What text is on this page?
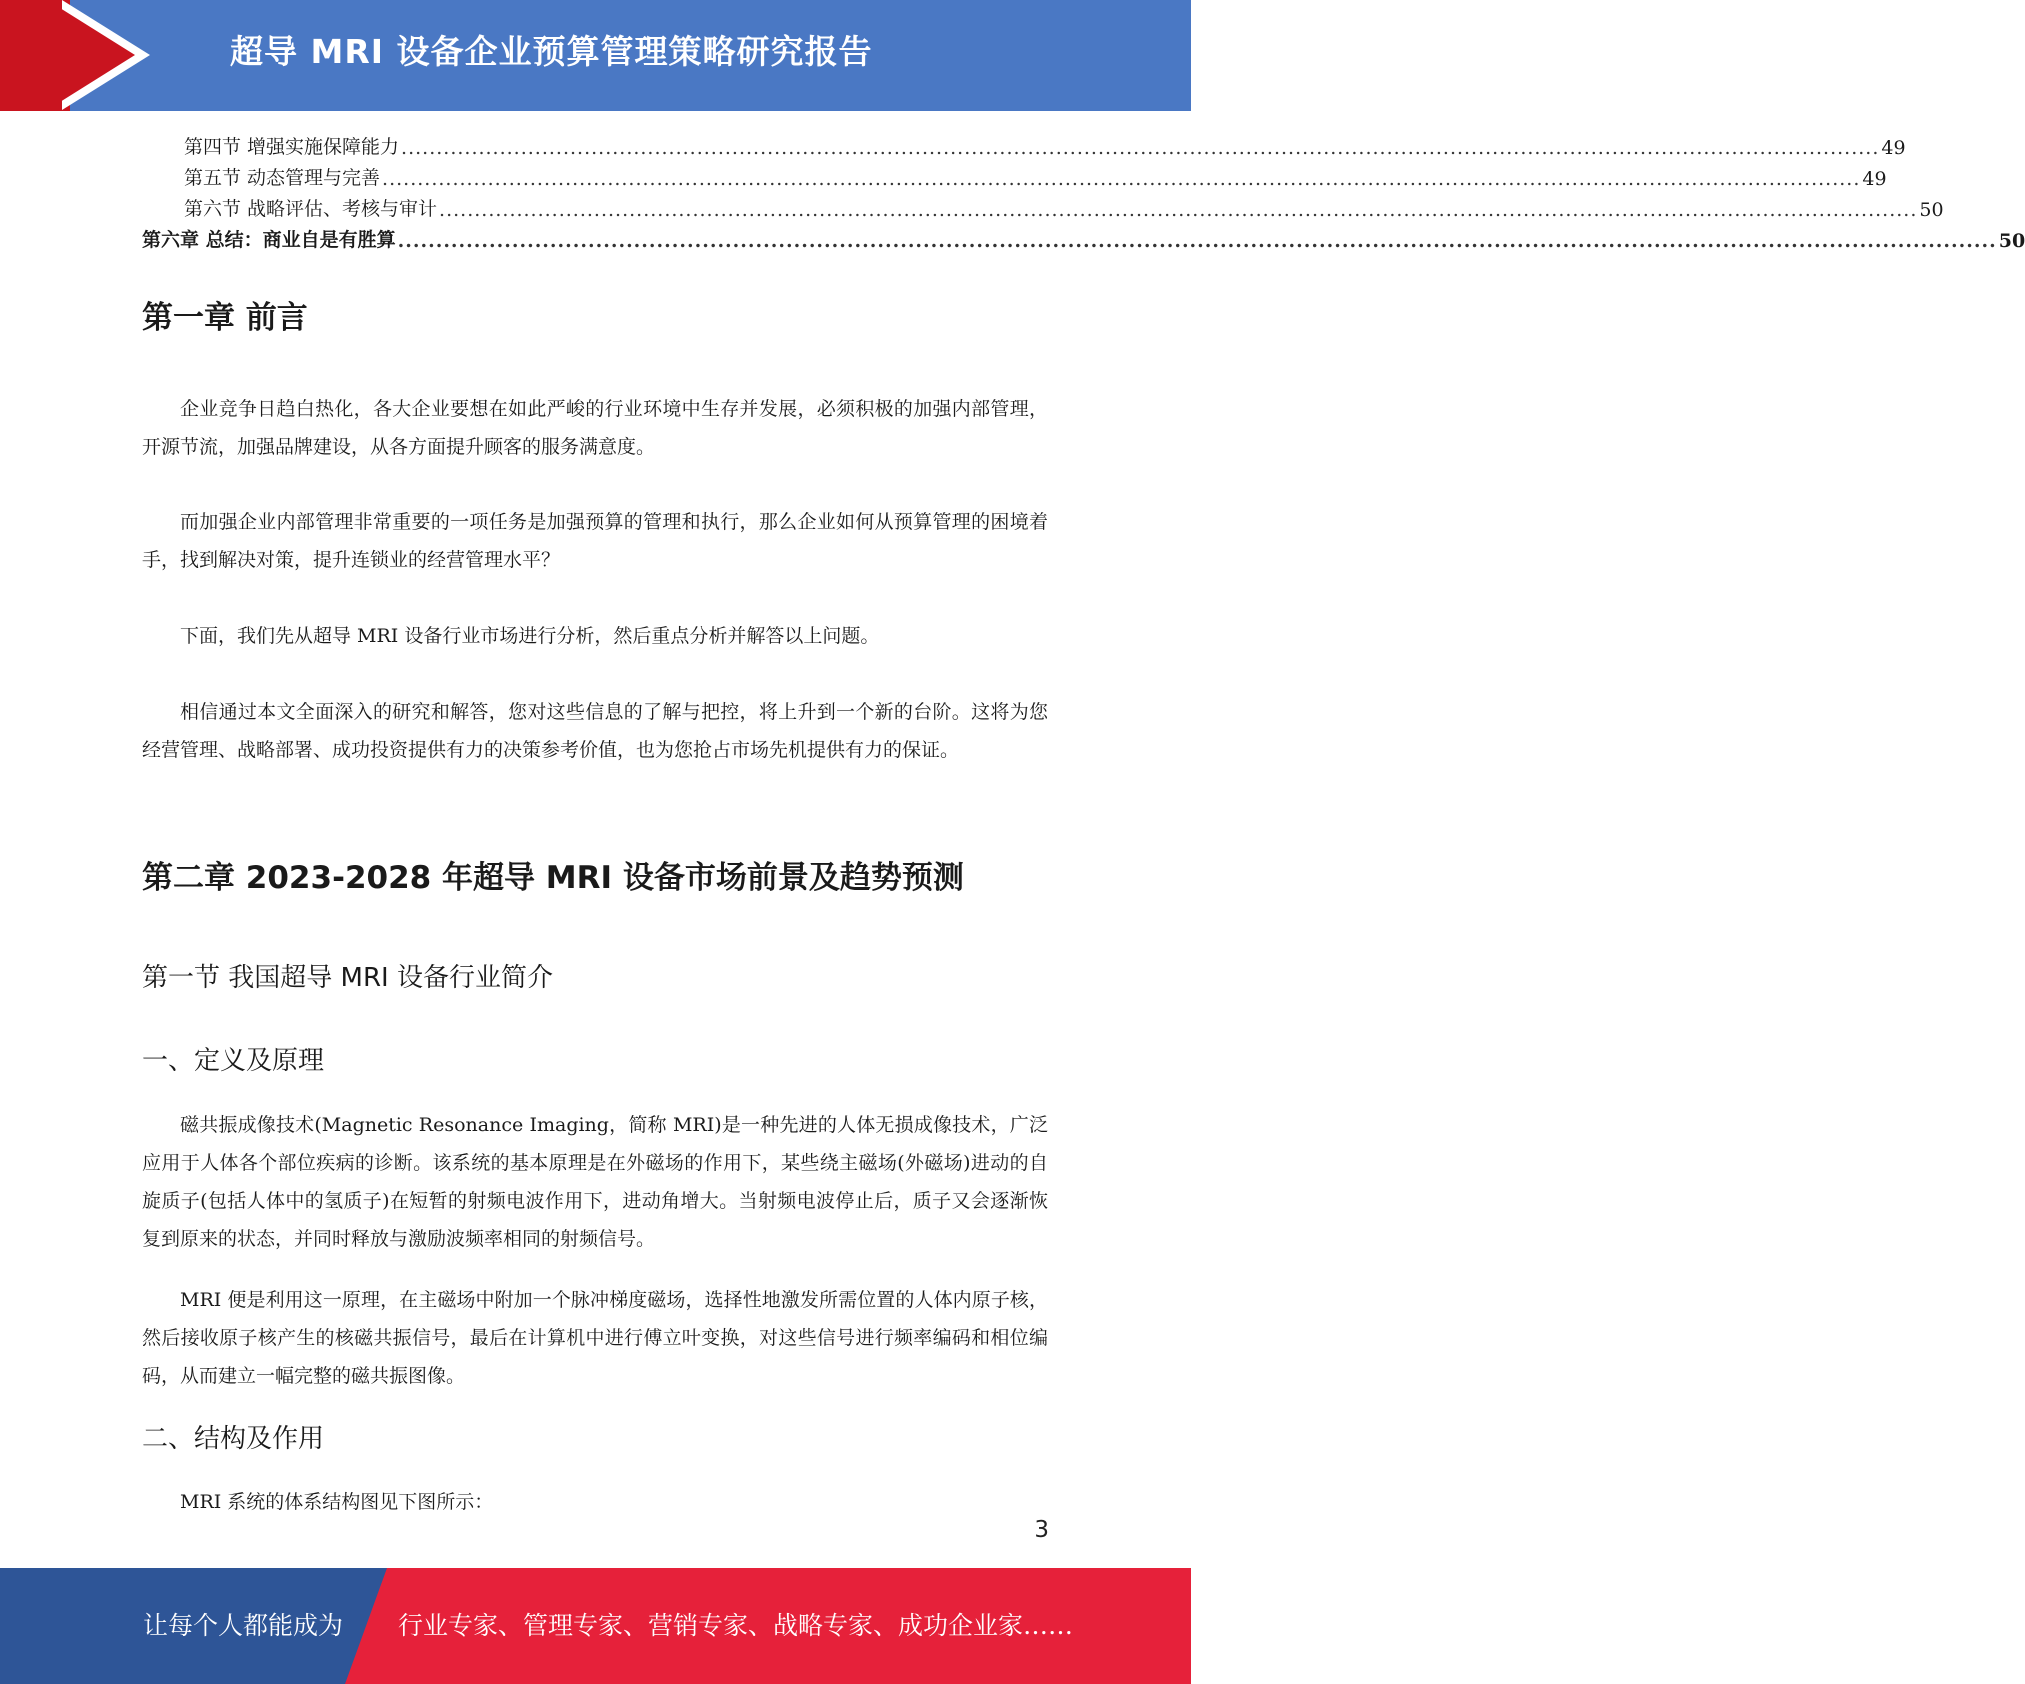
超导 MRI 设备企业预算管理策略研究报告
第四节 增强实施保障能力 .................................................................................................................................................................................................................. 49
第五节 动态管理与完善 .................................................................................................................................................................................................................. 49
第六节 战略评估、考核与审计 .................................................................................................................................................................................................................. 50
第六章 总结：商业自是有胜算 .................................................................................................................................................................................................................. 50
第一章 前言

企业竞争日趋白热化，各大企业要想在如此严峻的行业环境中生存并发展，必须积极的加强内部管理，开源节流，加强品牌建设，从各方面提升顾客的服务满意度。

而加强企业内部管理非常重要的一项任务是加强预算的管理和执行，那么企业如何从预算管理的困境着手，找到解决对策，提升连锁业的经营管理水平？

下面，我们先从超导 MRI 设备行业市场进行分析，然后重点分析并解答以上问题。

相信通过本文全面深入的研究和解答，您对这些信息的了解与把控，将上升到一个新的台阶。这将为您经营管理、战略部署、成功投资提供有力的决策参考价值，也为您抢占市场先机提供有力的保证。

第二章 2023-2028 年超导 MRI 设备市场前景及趋势预测
第一节 我国超导 MRI 设备行业简介
一、定义及原理

磁共振成像技术(Magnetic Resonance Imaging，简称 MRI)是一种先进的人体无损成像技术，广泛应用于人体各个部位疾病的诊断。该系统的基本原理是在外磁场的作用下，某些绕主磁场(外磁场)进动的自旋质子(包括人体中的氢质子)在短暂的射频电波作用下，进动角增大。当射频电波停止后，质子又会逐渐恢复到原来的状态，并同时释放与激励波频率相同的射频信号。

MRI 便是利用这一原理，在主磁场中附加一个脉冲梯度磁场，选择性地激发所需位置的人体内原子核，然后接收原子核产生的核磁共振信号，最后在计算机中进行傅立叶变换，对这些信号进行频率编码和相位编码，从而建立一幅完整的磁共振图像。

二、结构及作用

MRI 系统的体系结构图见下图所示：

3
让每个人都能成为 行业专家、管理专家、营销专家、战略专家、成功企业家……
